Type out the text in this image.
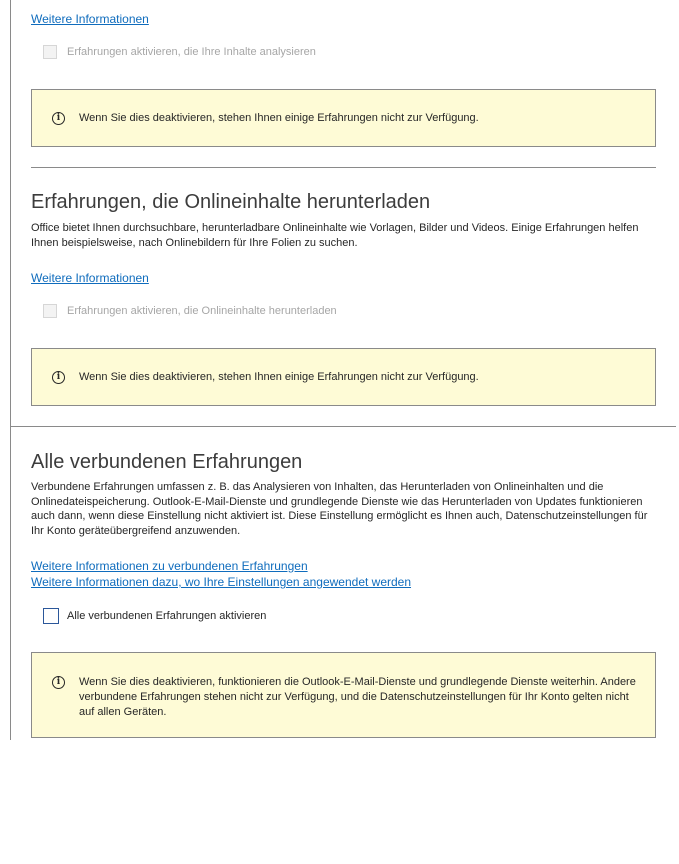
Weitere Informationen
Erfahrungen aktivieren, die Ihre Inhalte analysieren
i	Wenn Sie dies deaktivieren, stehen Ihnen einige Erfahrungen nicht zur Verfügung.
Erfahrungen, die Onlineinhalte herunterladen

Office bietet Ihnen durchsuchbare, herunterladbare Onlineinhalte wie Vorlagen, Bilder und Videos. Einige Erfahrungen helfen Ihnen beispielsweise, nach Onlinebildern für Ihre Folien zu suchen.

Weitere Informationen
Erfahrungen aktivieren, die Onlineinhalte herunterladen
i	Wenn Sie dies deaktivieren, stehen Ihnen einige Erfahrungen nicht zur Verfügung.
Alle verbundenen Erfahrungen

Verbundene Erfahrungen umfassen z. B. das Analysieren von Inhalten, das Herunterladen von Onlineinhalten und die Onlinedateispeicherung. Outlook-E-Mail-Dienste und grundlegende Dienste wie das Herunterladen von Updates funktionieren auch dann, wenn diese Einstellung nicht aktiviert ist. Diese Einstellung ermöglicht es Ihnen auch, Datenschutzeinstellungen für Ihr Konto geräteübergreifend anzuwenden.

Weitere Informationen zu verbundenen Erfahrungen
Weitere Informationen dazu, wo Ihre Einstellungen angewendet werden
Alle verbundenen Erfahrungen aktivieren
i	Wenn Sie dies deaktivieren, funktionieren die Outlook-E-Mail-Dienste und grundlegende Dienste weiterhin. Andere verbundene Erfahrungen stehen nicht zur Verfügung, und die Datenschutzeinstellungen für Ihr Konto gelten nicht auf allen Geräten.
